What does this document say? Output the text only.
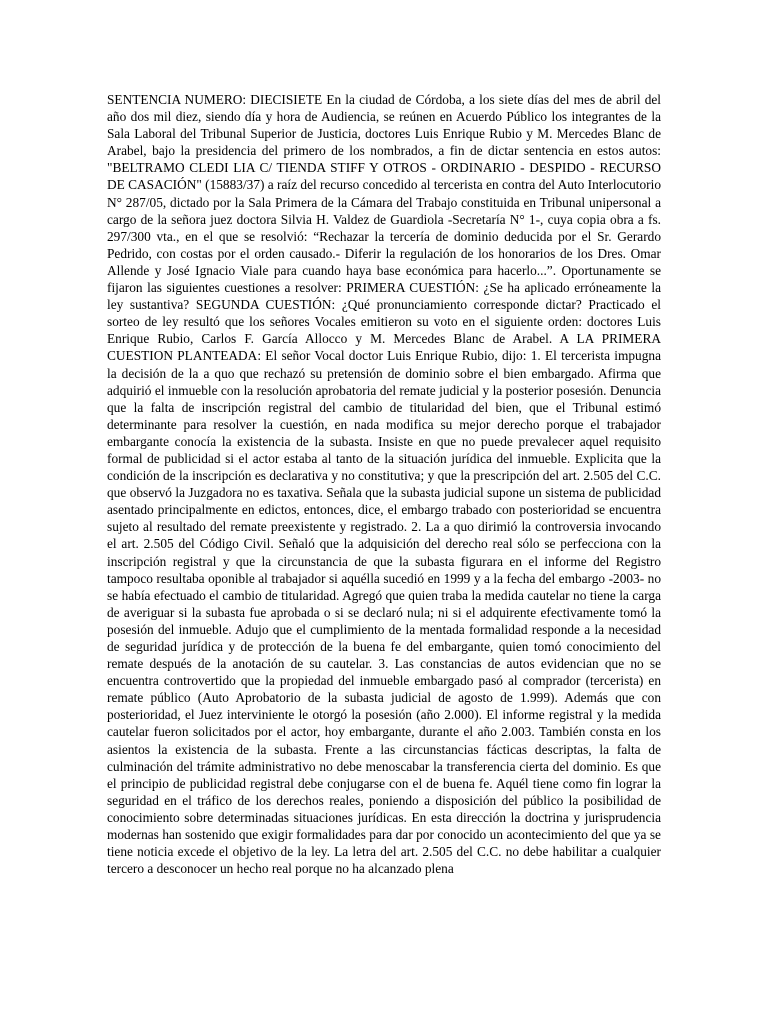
SENTENCIA NUMERO: DIECISIETE En la ciudad de Córdoba, a los siete días del mes de abril del año dos mil diez, siendo día y hora de Audiencia, se reúnen en Acuerdo Público los integrantes de la Sala Laboral del Tribunal Superior de Justicia, doctores Luis Enrique Rubio y M. Mercedes Blanc de Arabel, bajo la presidencia del primero de los nombrados, a fin de dictar sentencia en estos autos: "BELTRAMO CLEDI LIA C/ TIENDA STIFF Y OTROS - ORDINARIO - DESPIDO - RECURSO DE CASACIÓN" (15883/37) a raíz del recurso concedido al tercerista en contra del Auto Interlocutorio N° 287/05, dictado por la Sala Primera de la Cámara del Trabajo constituida en Tribunal unipersonal a cargo de la señora juez doctora Silvia H. Valdez de Guardiola -Secretaría N° 1-, cuya copia obra a fs. 297/300 vta., en el que se resolvió: “Rechazar la tercería de dominio deducida por el Sr. Gerardo Pedrido, con costas por el orden causado.- Diferir la regulación de los honorarios de los Dres. Omar Allende y José Ignacio Viale para cuando haya base económica para hacerlo...”. Oportunamente se fijaron las siguientes cuestiones a resolver: PRIMERA CUESTIÓN: ¿Se ha aplicado erróneamente la ley sustantiva? SEGUNDA CUESTIÓN: ¿Qué pronunciamiento corresponde dictar? Practicado el sorteo de ley resultó que los señores Vocales emitieron su voto en el siguiente orden: doctores Luis Enrique Rubio, Carlos F. García Allocco y M. Mercedes Blanc de Arabel. A LA PRIMERA CUESTION PLANTEADA: El señor Vocal doctor Luis Enrique Rubio, dijo: 1. El tercerista impugna la decisión de la a quo que rechazó su pretensión de dominio sobre el bien embargado. Afirma que adquirió el inmueble con la resolución aprobatoria del remate judicial y la posterior posesión. Denuncia que la falta de inscripción registral del cambio de titularidad del bien, que el Tribunal estimó determinante para resolver la cuestión, en nada modifica su mejor derecho porque el trabajador embargante conocía la existencia de la subasta. Insiste en que no puede prevalecer aquel requisito formal de publicidad si el actor estaba al tanto de la situación jurídica del inmueble. Explicita que la condición de la inscripción es declarativa y no constitutiva; y que la prescripción del art. 2.505 del C.C. que observó la Juzgadora no es taxativa. Señala que la subasta judicial supone un sistema de publicidad asentado principalmente en edictos, entonces, dice, el embargo trabado con posterioridad se encuentra sujeto al resultado del remate preexistente y registrado. 2. La a quo dirimió la controversia invocando el art. 2.505 del Código Civil. Señaló que la adquisición del derecho real sólo se perfecciona con la inscripción registral y que la circunstancia de que la subasta figurara en el informe del Registro tampoco resultaba oponible al trabajador si aquélla sucedió en 1999 y a la fecha del embargo -2003- no se había efectuado el cambio de titularidad. Agregó que quien traba la medida cautelar no tiene la carga de averiguar si la subasta fue aprobada o si se declaró nula; ni si el adquirente efectivamente tomó la posesión del inmueble. Adujo que el cumplimiento de la mentada formalidad responde a la necesidad de seguridad jurídica y de protección de la buena fe del embargante, quien tomó conocimiento del remate después de la anotación de su cautelar. 3. Las constancias de autos evidencian que no se encuentra controvertido que la propiedad del inmueble embargado pasó al comprador (tercerista) en remate público (Auto Aprobatorio de la subasta judicial de agosto de 1.999). Además que con posterioridad, el Juez interviniente le otorgó la posesión (año 2.000). El informe registral y la medida cautelar fueron solicitados por el actor, hoy embargante, durante el año 2.003. También consta en los asientos la existencia de la subasta. Frente a las circunstancias fácticas descriptas, la falta de culminación del trámite administrativo no debe menoscabar la transferencia cierta del dominio. Es que el principio de publicidad registral debe conjugarse con el de buena fe. Aquél tiene como fin lograr la seguridad en el tráfico de los derechos reales, poniendo a disposición del público la posibilidad de conocimiento sobre determinadas situaciones jurídicas. En esta dirección la doctrina y jurisprudencia modernas han sostenido que exigir formalidades para dar por conocido un acontecimiento del que ya se tiene noticia excede el objetivo de la ley. La letra del art. 2.505 del C.C. no debe habilitar a cualquier tercero a desconocer un hecho real porque no ha alcanzado plena
